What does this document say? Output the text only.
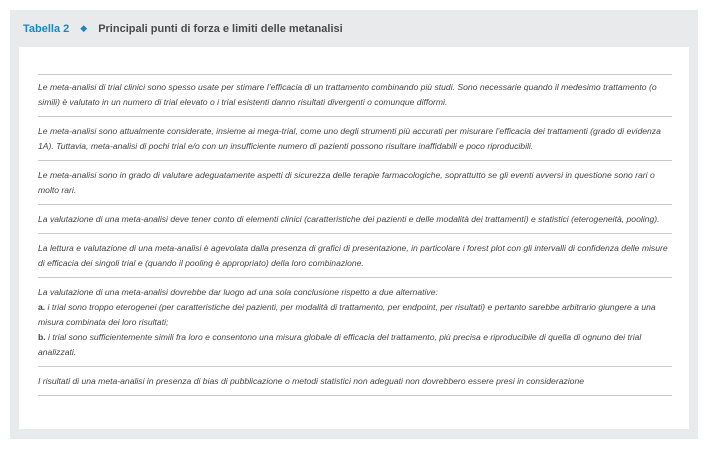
Tabella 2 ◆ Principali punti di forza e limiti delle metanalisi

Le meta-analisi di trial clinici sono spesso usate per stimare l’efficacia di un trattamento combinando più studi. Sono necessarie quando il medesimo trattamento (o simili) è valutato in un numero di trial elevato o i trial esistenti danno risultati divergenti o comunque difformi.

Le meta-analisi sono attualmente considerate, insieme ai mega-trial, come uno degli strumenti più accurati per misurare l’efficacia dei trattamenti (grado di evidenza 1A). Tuttavia, meta-analisi di pochi trial e/o con un insufficiente numero di pazienti possono risultare inaffidabili e poco riproducibili.

Le meta-analisi sono in grado di valutare adeguatamente aspetti di sicurezza delle terapie farmacologiche, soprattutto se gli eventi avversi in questione sono rari o molto rari.

La valutazione di una meta-analisi deve tener conto di elementi clinici (caratteristiche dei pazienti e delle modalità dei trattamenti) e statistici (eterogeneità, pooling).

La lettura e valutazione di una meta-analisi è agevolata dalla presenza di grafici di presentazione, in particolare i forest plot con gli intervalli di confidenza delle misure di efficacia dei singoli trial e (quando il pooling è appropriato) della loro combinazione.

La valutazione di una meta-analisi dovrebbe dar luogo ad una sola conclusione rispetto a due alternative:

a. i trial sono troppo eterogenei (per caratteristiche dei pazienti, per modalità di trattamento, per endpoint, per risultati) e pertanto sarebbe arbitrario giungere a una misura combinata dei loro risultati;

b. i trial sono sufficientemente simili fra loro e consentono una misura globale di efficacia del trattamento, più precisa e riproducibile di quella di ognuno dei trial analizzati.

I risultati di una meta-analisi in presenza di bias di pubblicazione o metodi statistici non adeguati non dovrebbero essere presi in considerazione
